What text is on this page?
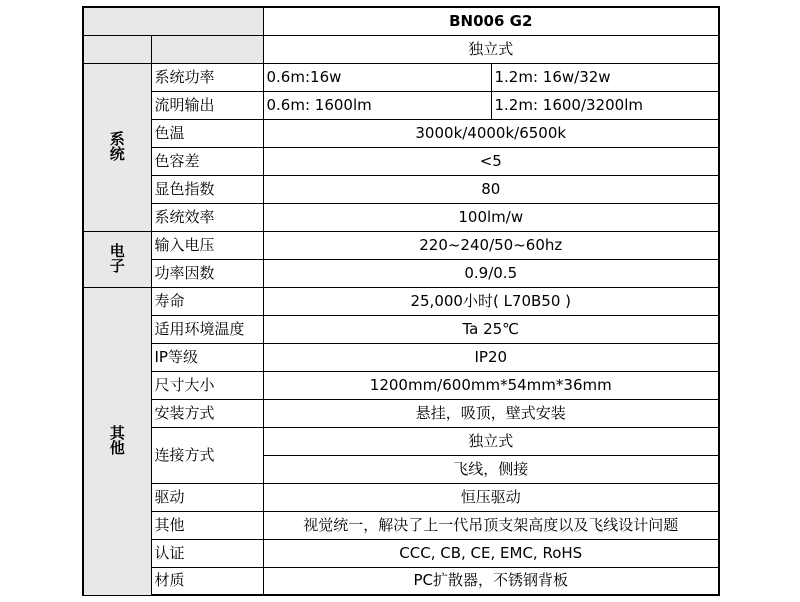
		BN006 G2	
		独立式	

系
统	系统功率	0.6m:16w	1.2m: 16w/32w
	流明输出	0.6m: 1600lm	1.2m: 1600/3200lm
	色温	3000k/4000k/6500k	
	色容差	<5	
	显色指数	80	
	系统效率	100lm/w	

电
子	输入电压	220~240/50~60hz	
	功率因数	0.9/0.5	

其
他	寿命	25,000小时( L70B50 )	
	适用环境温度	Ta 25℃	
	IP等级	IP20	
	尺寸大小	1200mm/600mm*54mm*36mm	
	安装方式	悬挂，吸顶，壁式安装	
	连接方式	独立式	
		飞线，侧接	
	驱动	恒压驱动	
	其他	视觉统一，解决了上一代吊顶支架高度以及飞线设计问题	
	认证	CCC, CB, CE, EMC, RoHS	
	材质	PC扩散器，不锈钢背板	
